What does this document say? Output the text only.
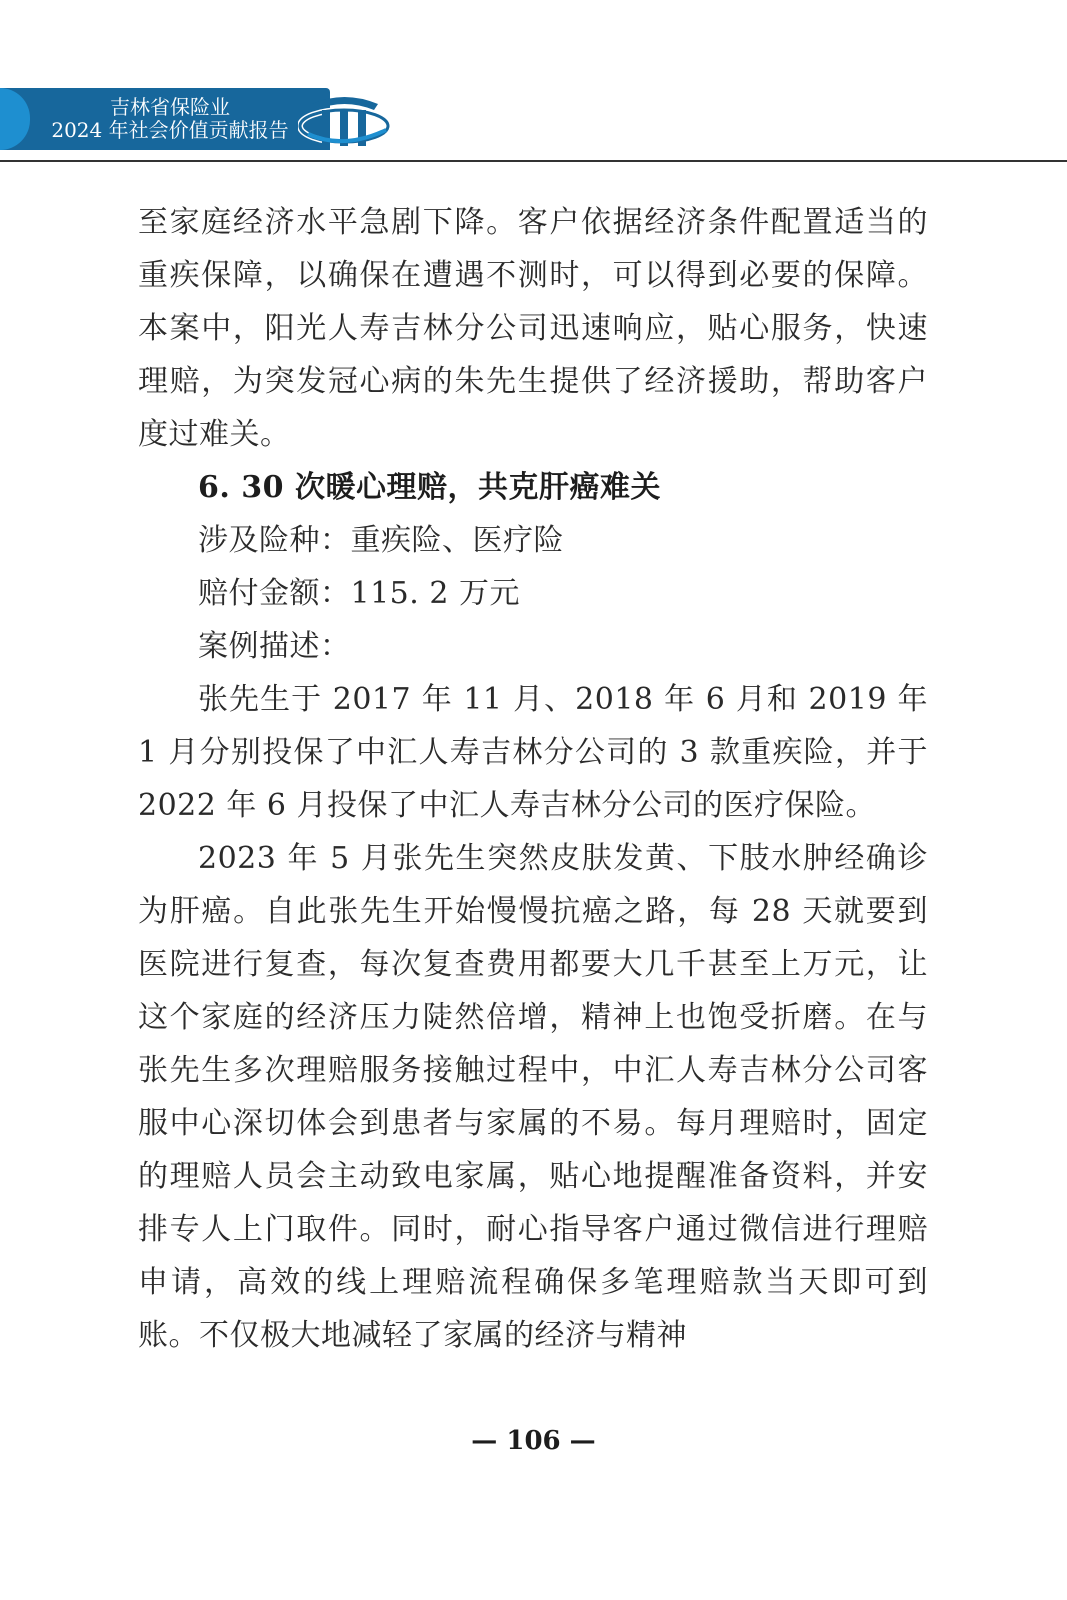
吉林省保险业
2024 年社会价值贡献报告

至家庭经济水平急剧下降。客户依据经济条件配置适当的重疾保障，以确保在遭遇不测时，可以得到必要的保障。本案中，阳光人寿吉林分公司迅速响应，贴心服务，快速理赔，为突发冠心病的朱先生提供了经济援助，帮助客户度过难关。

6. 30 次暖心理赔，共克肝癌难关

涉及险种：重疾险、医疗险

赔付金额：115. 2 万元

案例描述：

张先生于 2017 年 11 月、2018 年 6 月和 2019 年 1 月分别投保了中汇人寿吉林分公司的 3 款重疾险，并于 2022 年 6 月投保了中汇人寿吉林分公司的医疗保险。

2023 年 5 月张先生突然皮肤发黄、下肢水肿经确诊为肝癌。自此张先生开始慢慢抗癌之路，每 28 天就要到医院进行复查，每次复查费用都要大几千甚至上万元，让这个家庭的经济压力陡然倍增，精神上也饱受折磨。在与张先生多次理赔服务接触过程中，中汇人寿吉林分公司客服中心深切体会到患者与家属的不易。每月理赔时，固定的理赔人员会主动致电家属，贴心地提醒准备资料，并安排专人上门取件。同时，耐心指导客户通过微信进行理赔申请，高效的线上理赔流程确保多笔理赔款当天即可到账。不仅极大地减轻了家属的经济与精神

— 106 —
